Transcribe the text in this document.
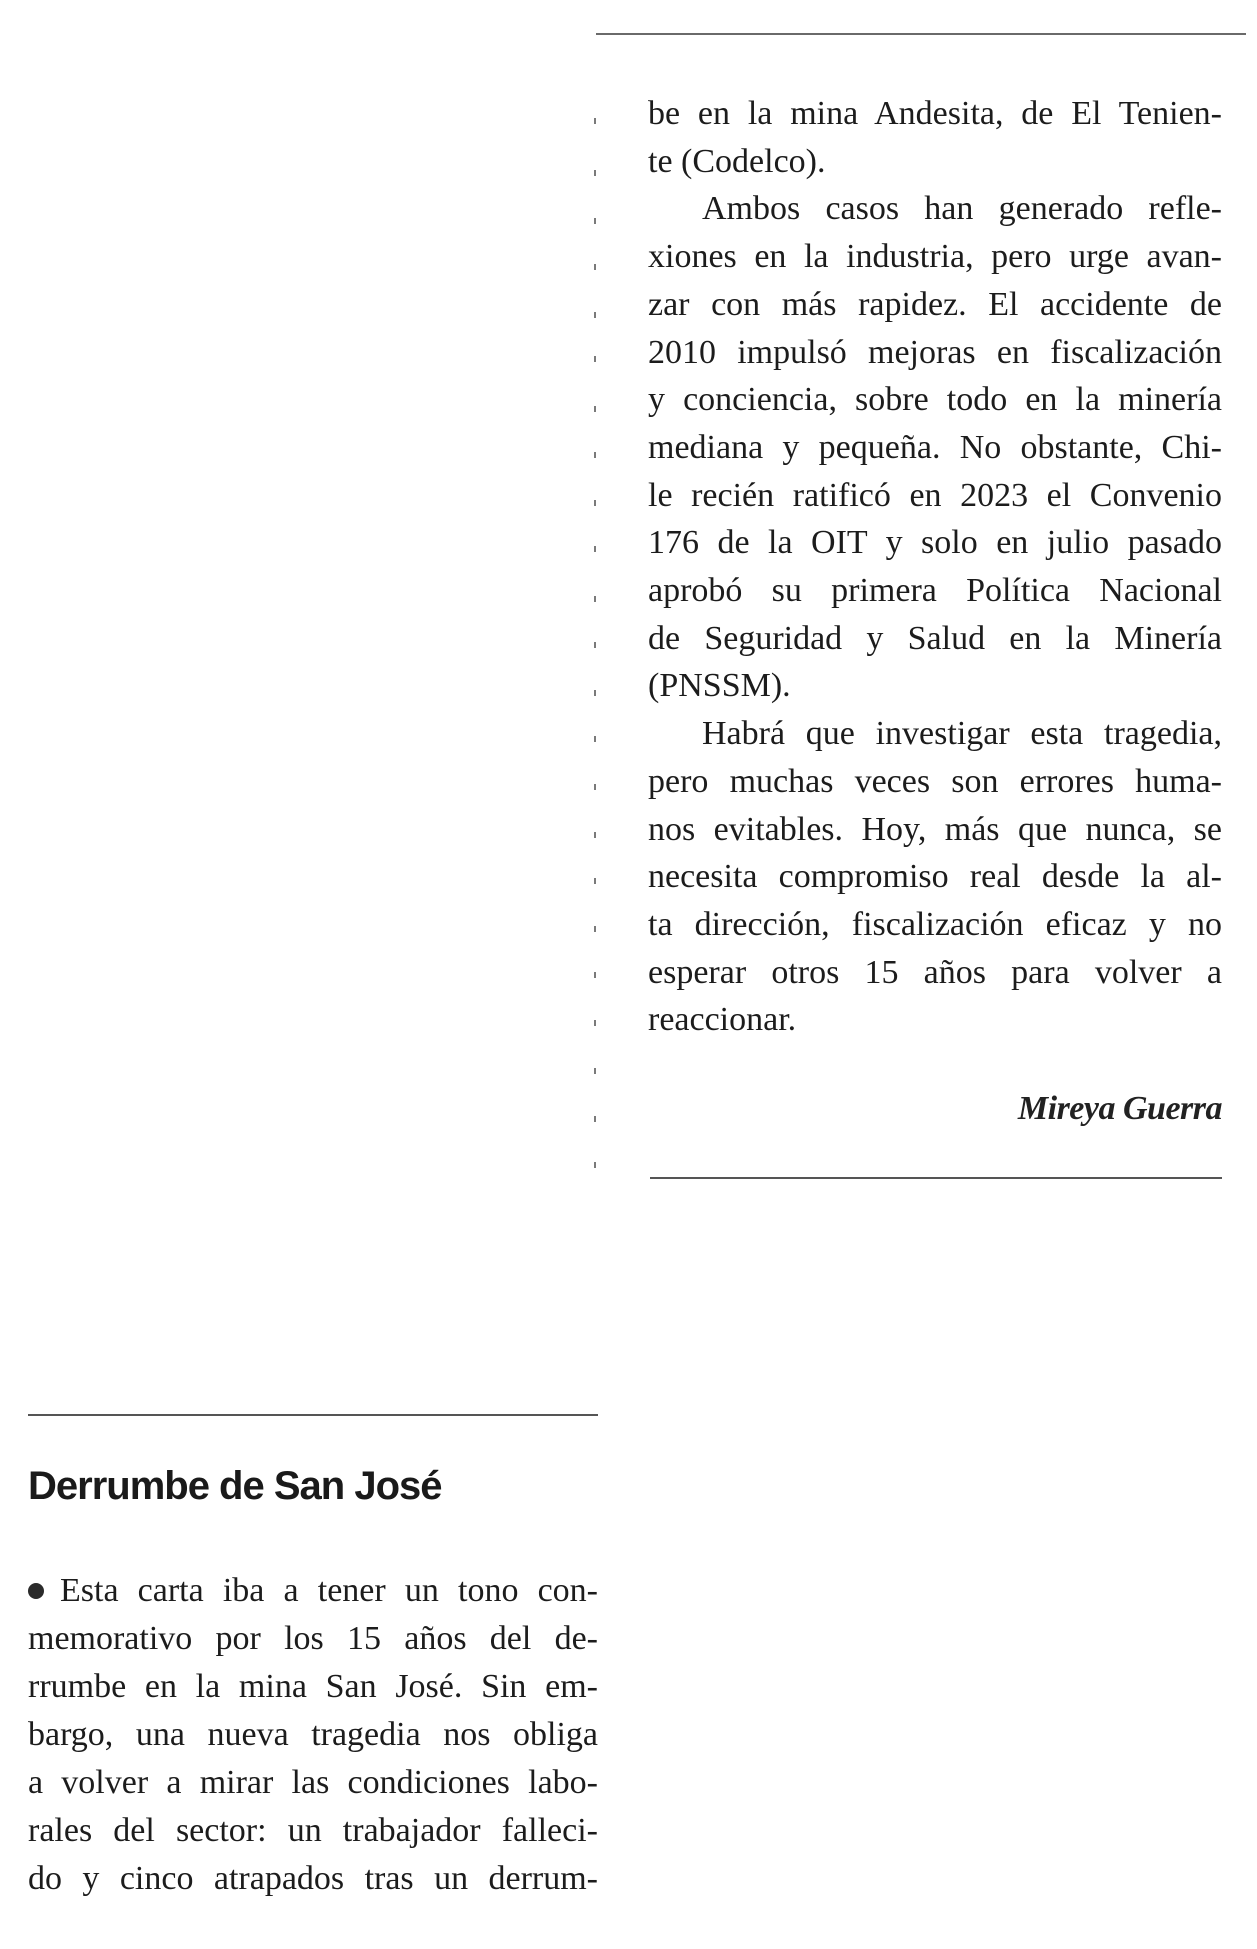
be en la mina Andesita, de El Tenien-
te (Codelco).

Ambos casos han generado refle-
xiones en la industria, pero urge avan-
zar con más rapidez. El accidente de
2010 impulsó mejoras en fiscalización
y conciencia, sobre todo en la minería
mediana y pequeña. No obstante, Chi-
le recién ratificó en 2023 el Convenio
176 de la OIT y solo en julio pasado
aprobó su primera Política Nacional
de Seguridad y Salud en la Minería
(PNSSM).

Habrá que investigar esta tragedia,
pero muchas veces son errores huma-
nos evitables. Hoy, más que nunca, se
necesita compromiso real desde la al-
ta dirección, fiscalización eficaz y no
esperar otros 15 años para volver a
reaccionar.

Mireya Guerra
Derrumbe de San José

Esta carta iba a tener un tono con-
memorativo por los 15 años del de-
rrumbe en la mina San José. Sin em-
bargo, una nueva tragedia nos obliga
a volver a mirar las condiciones labo-
rales del sector: un trabajador falleci-
do y cinco atrapados tras un derrum-
